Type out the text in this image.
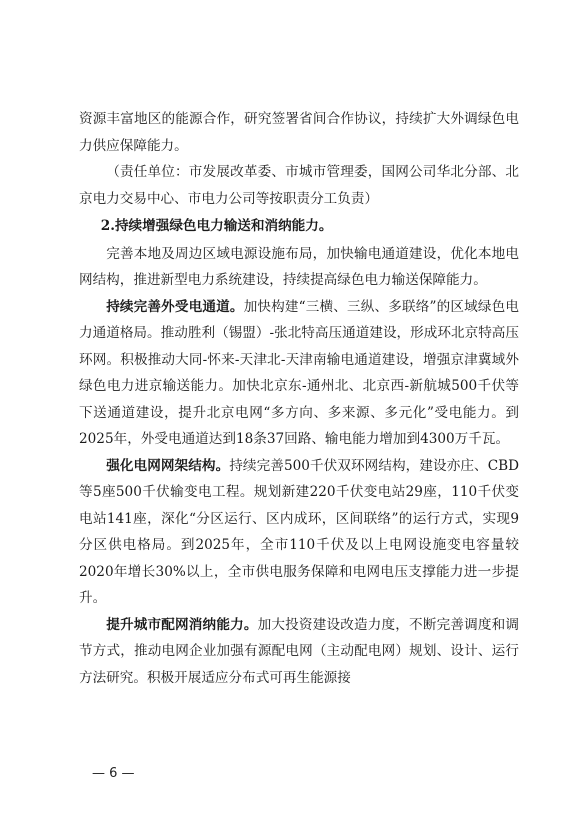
资源丰富地区的能源合作，研究签署省间合作协议，持续扩大外调绿色电力供应保障能力。

（责任单位：市发展改革委、市城市管理委，国网公司华北分部、北京电力交易中心、市电力公司等按职责分工负责）

2.持续增强绿色电力输送和消纳能力。

完善本地及周边区域电源设施布局，加快输电通道建设，优化本地电网结构，推进新型电力系统建设，持续提高绿色电力输送保障能力。

持续完善外受电通道。加快构建“三横、三纵、多联络”的区域绿色电力通道格局。推动胜利（锡盟）-张北特高压通道建设，形成环北京特高压环网。积极推动大同-怀来-天津北-天津南输电通道建设，增强京津冀域外绿色电力进京输送能力。加快北京东-通州北、北京西-新航城500千伏等下送通道建设，提升北京电网“多方向、多来源、多元化”受电能力。到2025年，外受电通道达到18条37回路、输电能力增加到4300万千瓦。

强化电网网架结构。持续完善500千伏双环网结构，建设亦庄、CBD等5座500千伏输变电工程。规划新建220千伏变电站29座，110千伏变电站141座，深化“分区运行、区内成环，区间联络”的运行方式，实现9分区供电格局。到2025年，全市110千伏及以上电网设施变电容量较2020年增长30%以上，全市供电服务保障和电网电压支撑能力进一步提升。

提升城市配网消纳能力。加大投资建设改造力度，不断完善调度和调节方式，推动电网企业加强有源配电网（主动配电网）规划、设计、运行方法研究。积极开展适应分布式可再生能源接

— 6 —
